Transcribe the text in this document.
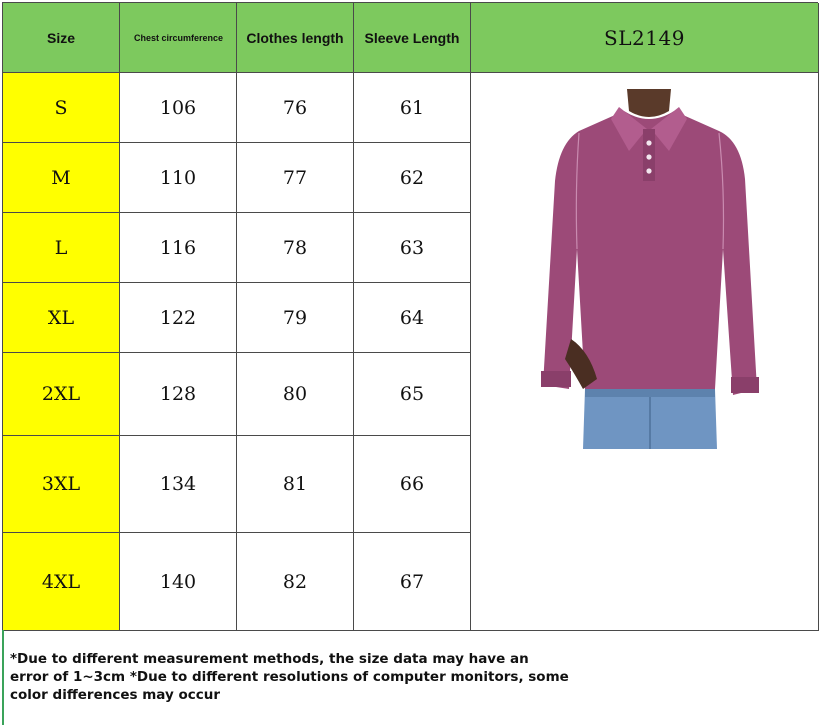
Size	Chest circumference	Clothes length	Sleeve Length	SL2149
S	106	76	61
M	110	77	62
L	116	78	63
XL	122	79	64
2XL	128	80	65
3XL	134	81	66
4XL	140	82	67
*Due to different measurement methods, the size data may have an error of 1~3cm *Due to different resolutions of computer monitors, some color differences may occur
